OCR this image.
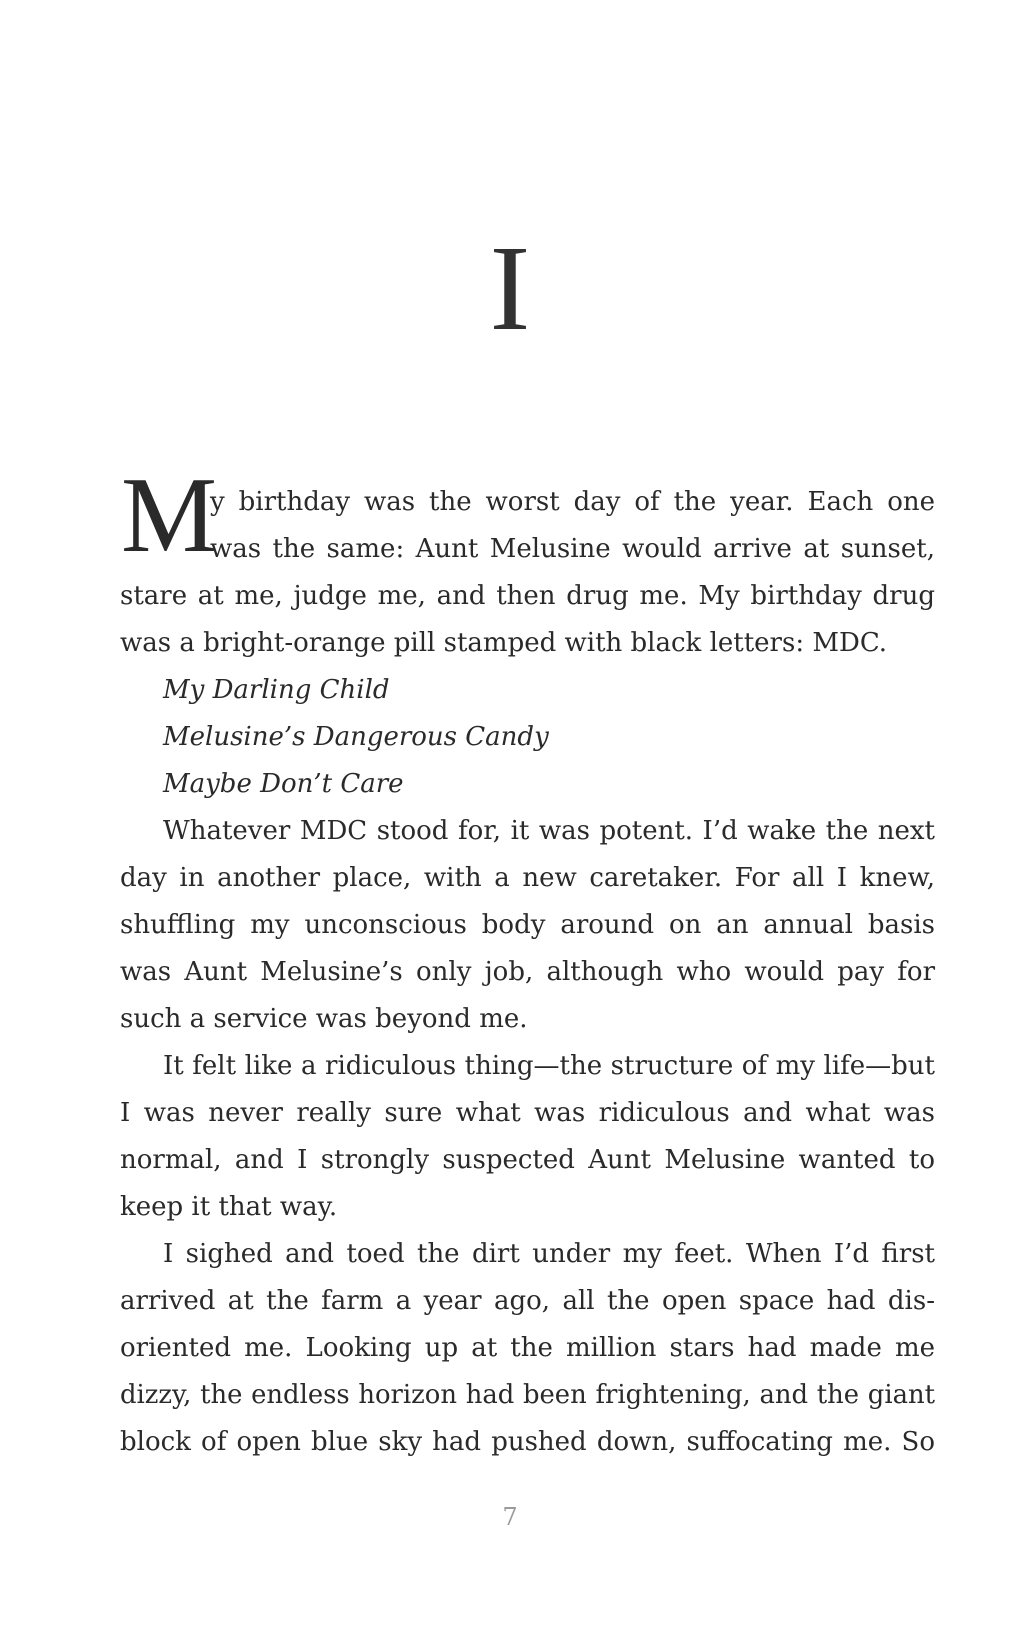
I
M
y birthday was the worst day of the year. Each one
was the same: Aunt Melusine would arrive at sunset,
stare at me, judge me, and then drug me. My birthday drug
was a bright-orange pill stamped with black letters: MDC.
My Darling Child
Melusine’s Dangerous Candy
Maybe Don’t Care
Whatever MDC stood for, it was potent. I’d wake the next
day in another place, with a new caretaker. For all I knew,
shuffling my unconscious body around on an annual basis
was Aunt Melusine’s only job, although who would pay for
such a service was beyond me.
It felt like a ridiculous thing—the structure of my life—but
I was never really sure what was ridiculous and what was
normal, and I strongly suspected Aunt Melusine wanted to
keep it that way.
I sighed and toed the dirt under my feet. When I’d first
arrived at the farm a year ago, all the open space had dis-
oriented me. Looking up at the million stars had made me
dizzy, the endless horizon had been frightening, and the giant
block of open blue sky had pushed down, suffocating me. So
7
